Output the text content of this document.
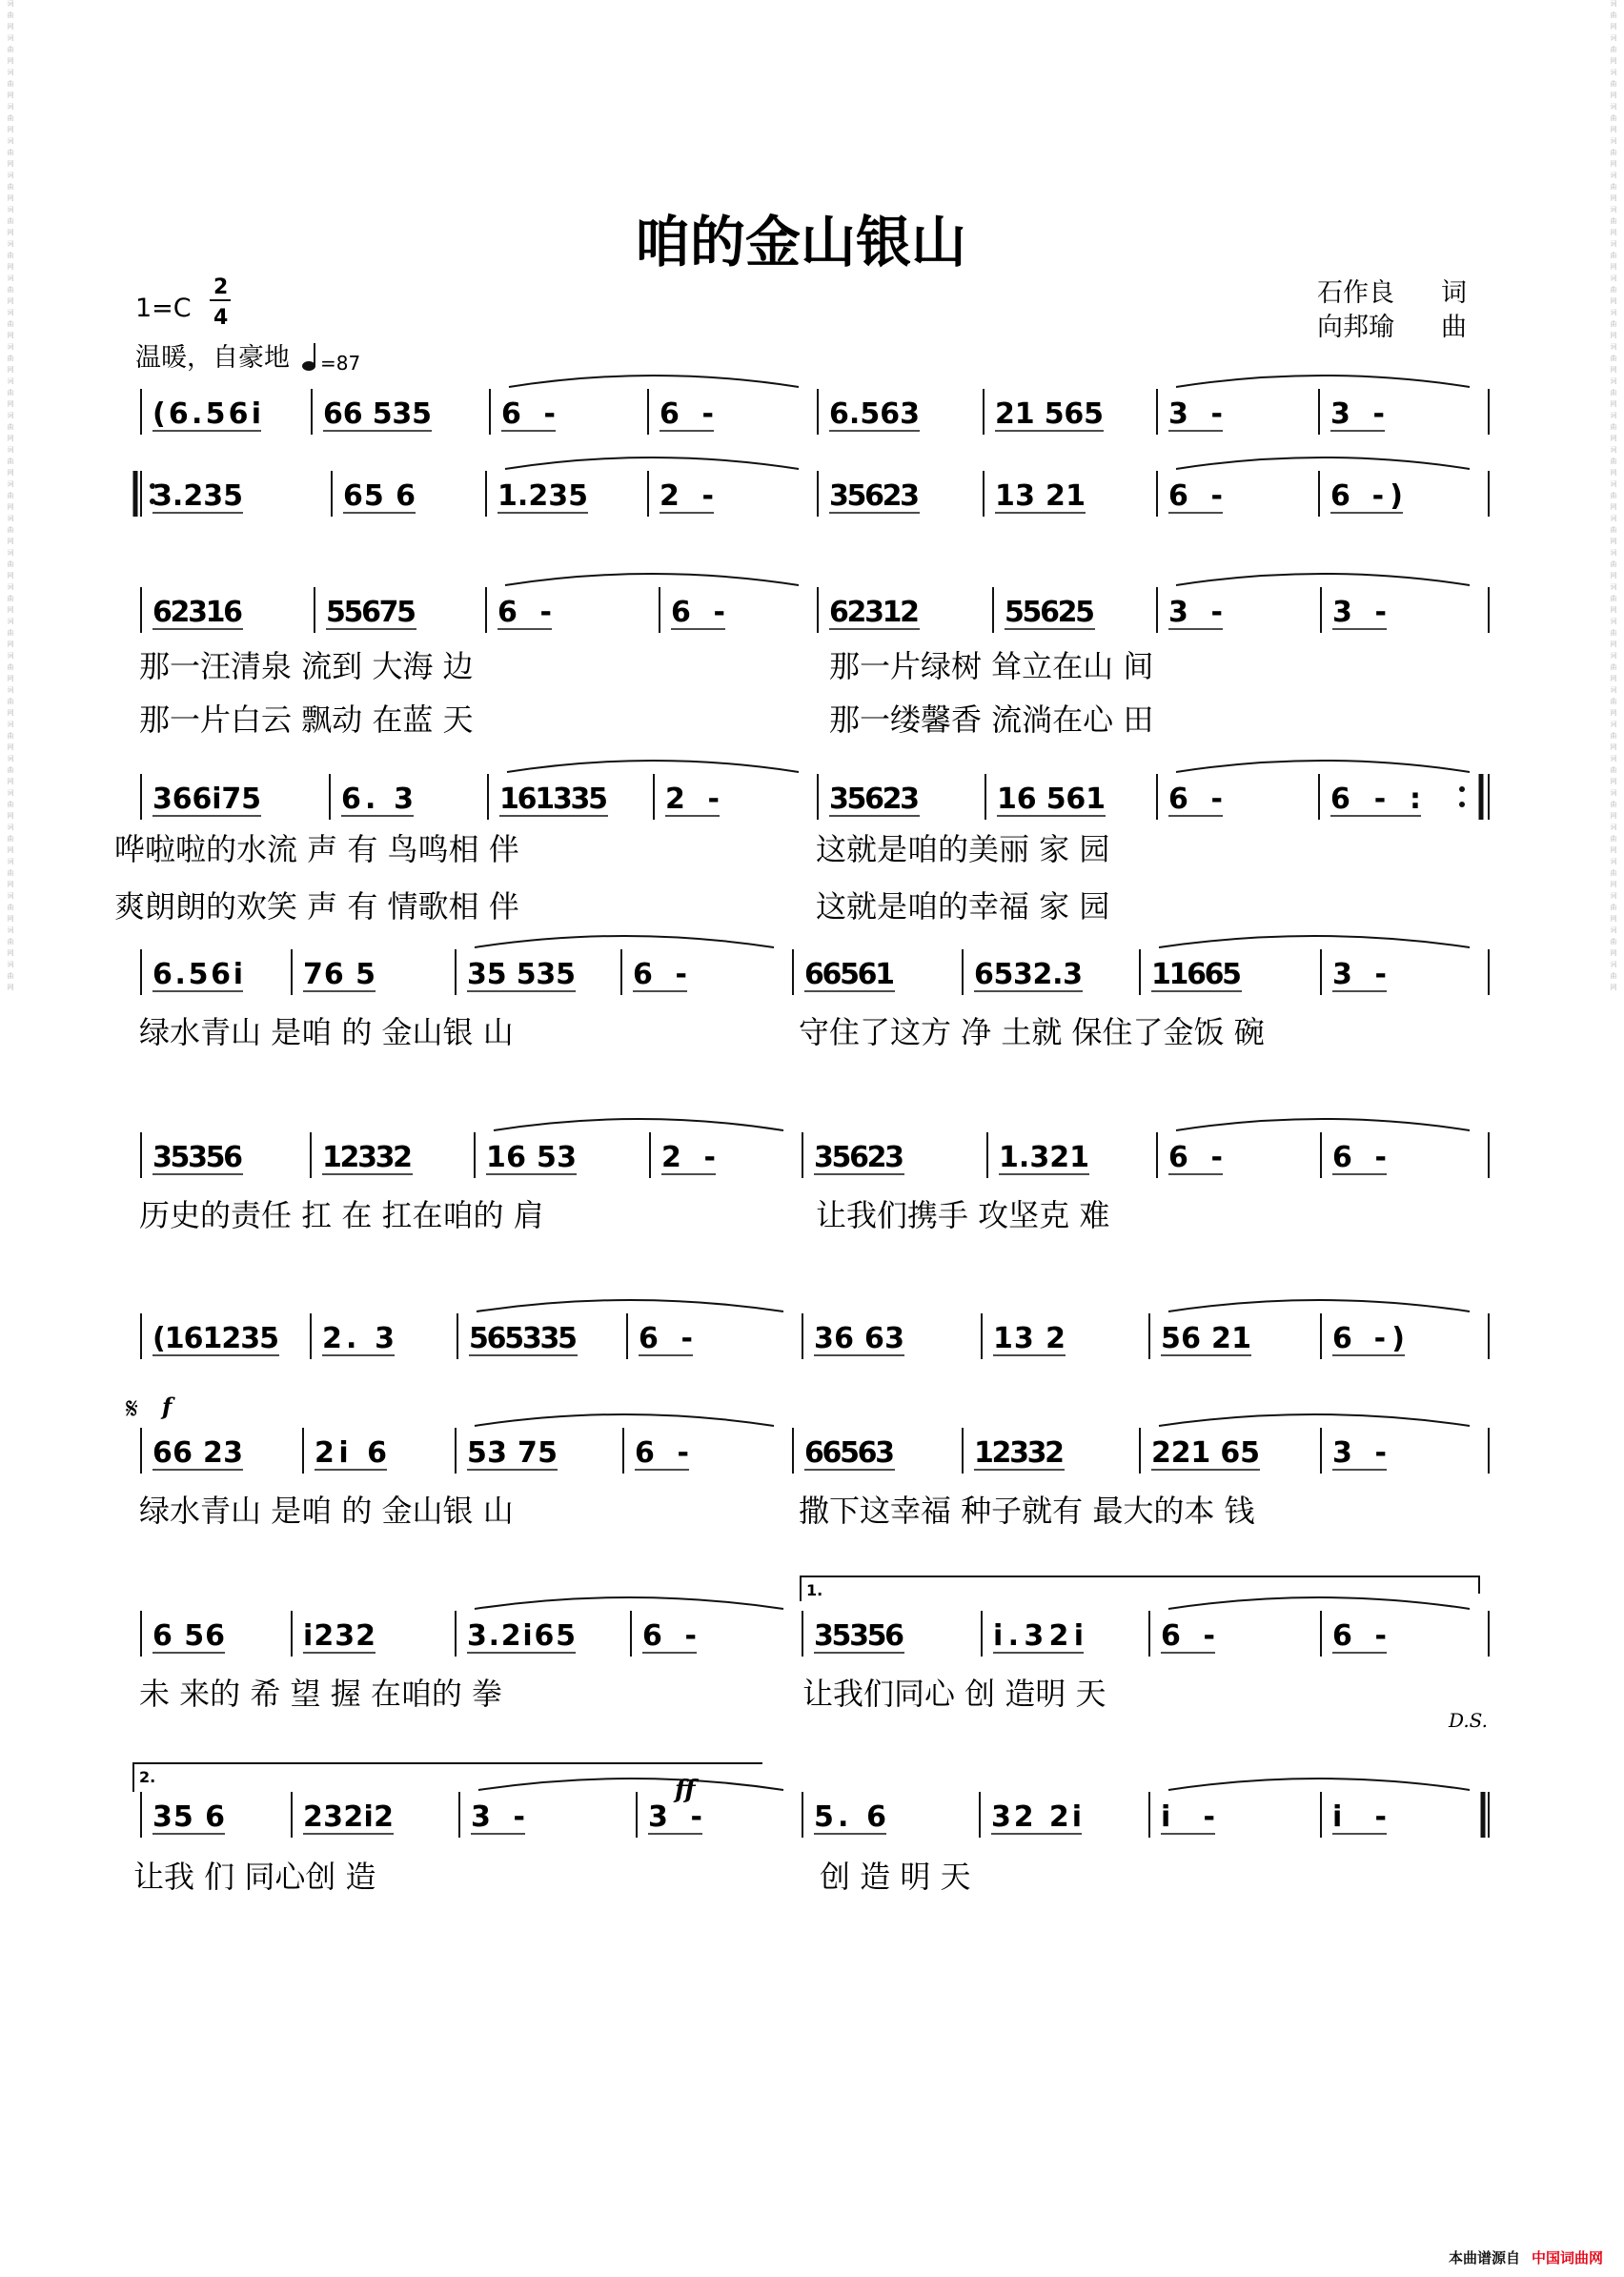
词
曲
网
词
曲
网
词
曲
网
词
曲
网
词
曲
网
词
曲
网
词
曲
网
词
曲
网
词
曲
网
词
曲
网
词
曲
网
词
曲
网
词
曲
网
词
曲
网
词
曲
网
词
曲
网
词
曲
网
词
曲
网
词
曲
网
词
曲
网
词
曲
网
词
曲
网
词
曲
网
词
曲
网
词
曲
网
词
曲
网
词
曲
网
词
曲
网
词
曲
网
词
曲
网
词
曲
网
词
曲
网
词
曲
网
词
曲
网
词
曲
网
词
曲
网
词
曲
网
词
曲
网
词
曲
网
词
曲
网
词
曲
网
词
曲
网
词
曲
网
词
曲
网
词
曲
网
词
曲
网
词
曲
网
词
曲
网
词
曲
网
词
曲
网
词
曲
网
词
曲
网
词
曲
网
词
曲
网
词
曲
网
词
曲
网
词
曲
网
词
曲
网
咱的金山银山
1=C
2
4
温暖，自豪地 =87
石作良 词
向邦瑜 曲
(6.56i 66 535 6 -	6 -	6.563	21 565 3 -	3 -
3.235	65 6	1.235	2 -	35623	13 21	6 -	6 -)
62316	55675	6 -	6 -	62312	55625	3 -	3 -
那一汪清泉 流到 大海 边	那一片绿树 耸立在山 间
那一片白云 飘动 在蓝 天	那一缕馨香 流淌在心 田
366i75	6. 3	161335 2 -	35623	16 561 6 -	6 - :
哗啦啦的水流 声 有 鸟鸣相 伴	这就是咱的美丽 家 园
爽朗朗的欢笑 声 有 情歌相 伴	这就是咱的幸福 家 园
6.56i 76 5	35 535 6 -	66561	6532.3 11665	3 -
绿水青山 是咱 的 金山银 山	守住了这方 净 土就 保住了金饭 碗
35356	12332	16 53	2 -	35623	1.321	6 -	6 -
历史的责任 扛 在 扛在咱的 肩	让我们携手 攻坚克 难
(161235 2. 3	565335 6 -	36 63	13 2	56 21	6 -)
66 23	2i 6	53 75	6 -	66563	12332	221 65	3 -
绿水青山 是咱 的 金山银 山	撒下这幸福 种子就有 最大的本 钱
6 56	i232	3.2i65 6 -	35356	i.32i	6 -	6 -
未 来的 希 望 握 在咱的 拳	让我们同心 创 造明 天
35 6	232i2	3 -	3 -	5. 6	32 2i	i -	i -
让我 们 同心创 造	创 造 明 天
𝄋 f
ff
D.S.
1.
2.
本曲谱源自 中国词曲网
